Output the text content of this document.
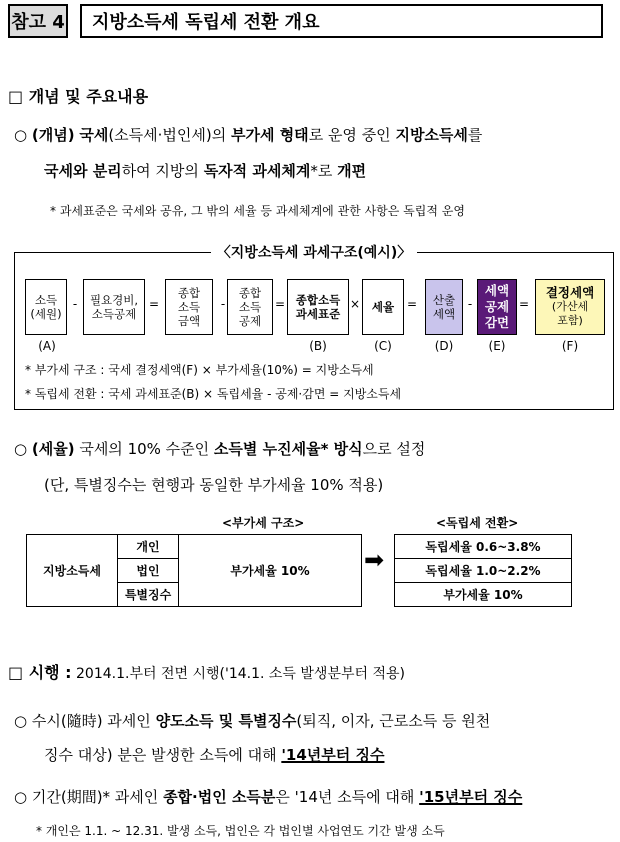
참고 4	지방소득세 독립세 전환 개요
□ 개념 및 주요내용
○ (개념) 국세(소득세·법인세)의 부가세 형태로 운영 중인 지방소득세를
국세와 분리하여 지방의 독자적 과세체계*로 개편
* 과세표준은 국세와 공유, 그 밖의 세율 등 과세체계에 관한 사항은 독립적 운영
〈지방소득세 과세구조(예시)〉
소득
(세원)
- 필요경비,
소득공제
=
종합
소득
금액
-
종합
소득
공제
= 종합소득
과세표준
× 세율 = 산출
세액
-
세액
공제
감면
=
결정세액
(가산세
포함)
(A)	(B)	(C)	(D)	(E)	(F)
* 부가세 구조 : 국세 결정세액(F) × 부가세율(10%) = 지방소득세
* 독립세 전환 : 국세 과세표준(B) × 독립세율 - 공제·감면 = 지방소득세
○ (세율) 국세의 10% 수준인 소득별 누진세율* 방식으로 설정
(단, 특별징수는 현행과 동일한 부가세율 10% 적용)
<부가세 구조>	<독립세 전환>
지방소득세	개인	부가세율 10%
법인
특별징수
➡	독립세율 0.6~3.8%
독립세율 1.0~2.2%
부가세율 10%
□ 시행 : 2014.1.부터 전면 시행('14.1. 소득 발생분부터 적용)
○ 수시(隨時) 과세인 양도소득 및 특별징수(퇴직, 이자, 근로소득 등 원천
징수 대상) 분은 발생한 소득에 대해 '14년부터 징수
○ 기간(期間)* 과세인 종합·법인 소득분은 '14년 소득에 대해 '15년부터 징수
* 개인은 1.1. ~ 12.31. 발생 소득, 법인은 각 법인별 사업연도 기간 발생 소득
